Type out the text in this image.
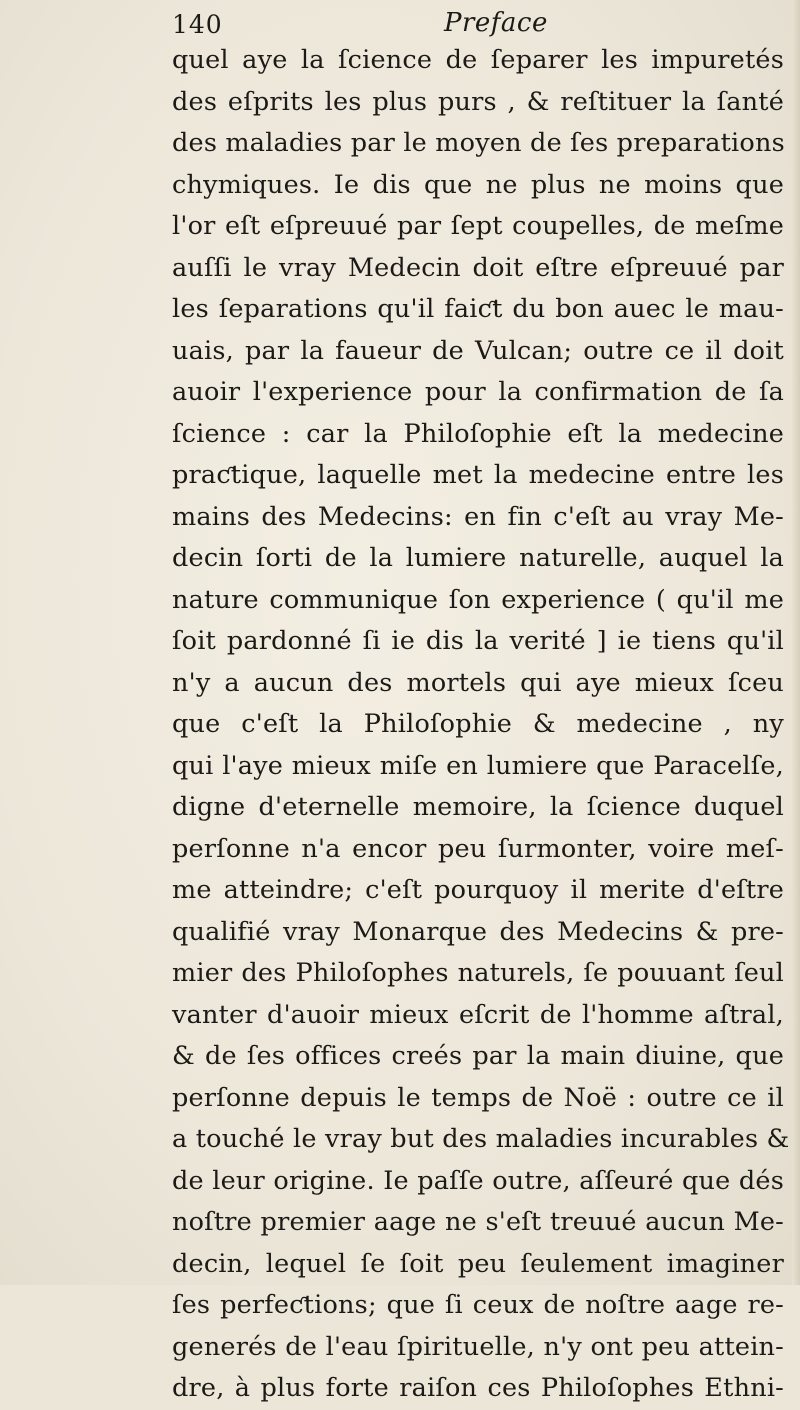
140	Preface
quel aye la ſcience de ſeparer les impuretés
des eſprits les plus purs , & reſtituer la ſanté
des maladies par le moyen de ſes preparations
chymiques. Ie dis que ne plus ne moins que
l'or eſt eſpreuué par ſept coupelles, de meſme
auſſi le vray Medecin doit eſtre eſpreuué par
les ſeparations qu'il faiƈt du bon auec le mau-
uais, par la faueur de Vulcan; outre ce il doit
auoir l'experience pour la confirmation de ſa
ſcience : car la Philoſophie eſt la medecine
praƈtique, laquelle met la medecine entre les
mains des Medecins: en fin c'eſt au vray Me-
decin ſorti de la lumiere naturelle, auquel la
nature communique ſon experience ( qu'il me
ſoit pardonné ſi ie dis la verité ] ie tiens qu'il
n'y a aucun des mortels qui aye mieux ſceu
que c'eſt la Philoſophie & medecine , ny
qui l'aye mieux miſe en lumiere que Paracelſe,
digne d'eternelle memoire, la ſcience duquel
perſonne n'a encor peu ſurmonter, voire meſ-
me atteindre; c'eſt pourquoy il merite d'eſtre
qualifié vray Monarque des Medecins & pre-
mier des Philoſophes naturels, ſe pouuant ſeul
vanter d'auoir mieux eſcrit de l'homme aſtral,
& de ſes offices creés par la main diuine, que
perſonne depuis le temps de Noë : outre ce il
a touché le vray but des maladies incurables &
de leur origine. Ie paſſe outre, aſſeuré que dés
noſtre premier aage ne s'eſt treuué aucun Me-
decin, lequel ſe ſoit peu ſeulement imaginer
ſes perfeƈtions; que ſi ceux de noſtre aage re-
generés de l'eau ſpirituelle, n'y ont peu attein-
dre, à plus forte raiſon ces Philoſophes Ethni-
